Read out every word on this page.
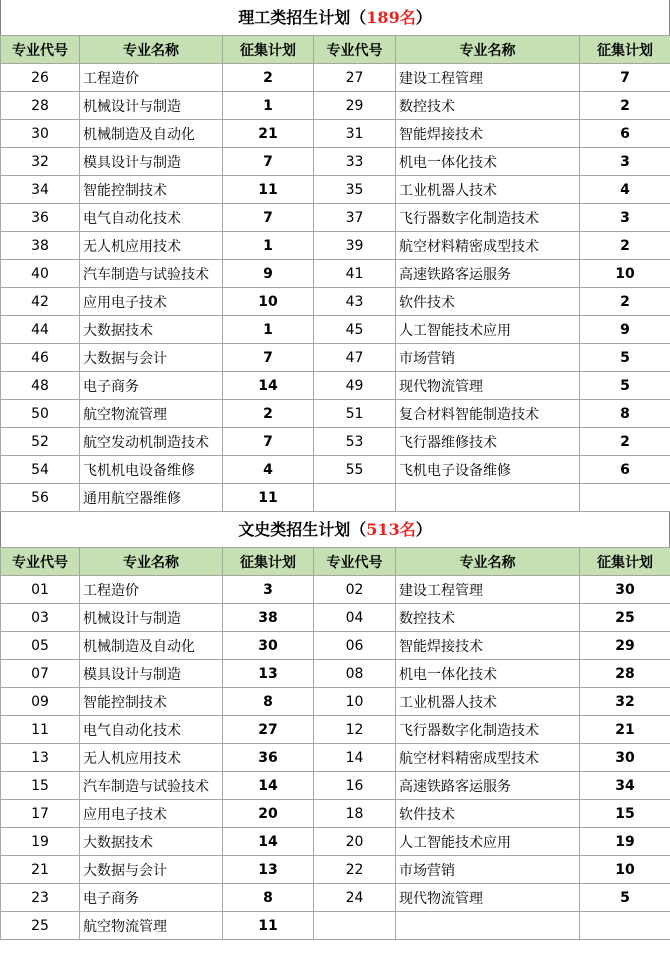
理工类招生计划（189名）
专业代号	专业名称	征集计划	专业代号	专业名称	征集计划
26	工程造价	2	27	建设工程管理	7
28	机械设计与制造	1	29	数控技术	2
30	机械制造及自动化	21	31	智能焊接技术	6
32	模具设计与制造	7	33	机电一体化技术	3
34	智能控制技术	11	35	工业机器人技术	4
36	电气自动化技术	7	37	飞行器数字化制造技术	3
38	无人机应用技术	1	39	航空材料精密成型技术	2
40	汽车制造与试验技术	9	41	高速铁路客运服务	10
42	应用电子技术	10	43	软件技术	2
44	大数据技术	1	45	人工智能技术应用	9
46	大数据与会计	7	47	市场营销	5
48	电子商务	14	49	现代物流管理	5
50	航空物流管理	2	51	复合材料智能制造技术	8
52	航空发动机制造技术	7	53	飞行器维修技术	2
54	飞机机电设备维修	4	55	飞机电子设备维修	6
56	通用航空器维修	11			
文史类招生计划（513名）
专业代号	专业名称	征集计划	专业代号	专业名称	征集计划
01	工程造价	3	02	建设工程管理	30
03	机械设计与制造	38	04	数控技术	25
05	机械制造及自动化	30	06	智能焊接技术	29
07	模具设计与制造	13	08	机电一体化技术	28
09	智能控制技术	8	10	工业机器人技术	32
11	电气自动化技术	27	12	飞行器数字化制造技术	21
13	无人机应用技术	36	14	航空材料精密成型技术	30
15	汽车制造与试验技术	14	16	高速铁路客运服务	34
17	应用电子技术	20	18	软件技术	15
19	大数据技术	14	20	人工智能技术应用	19
21	大数据与会计	13	22	市场营销	10
23	电子商务	8	24	现代物流管理	5
25	航空物流管理	11			
